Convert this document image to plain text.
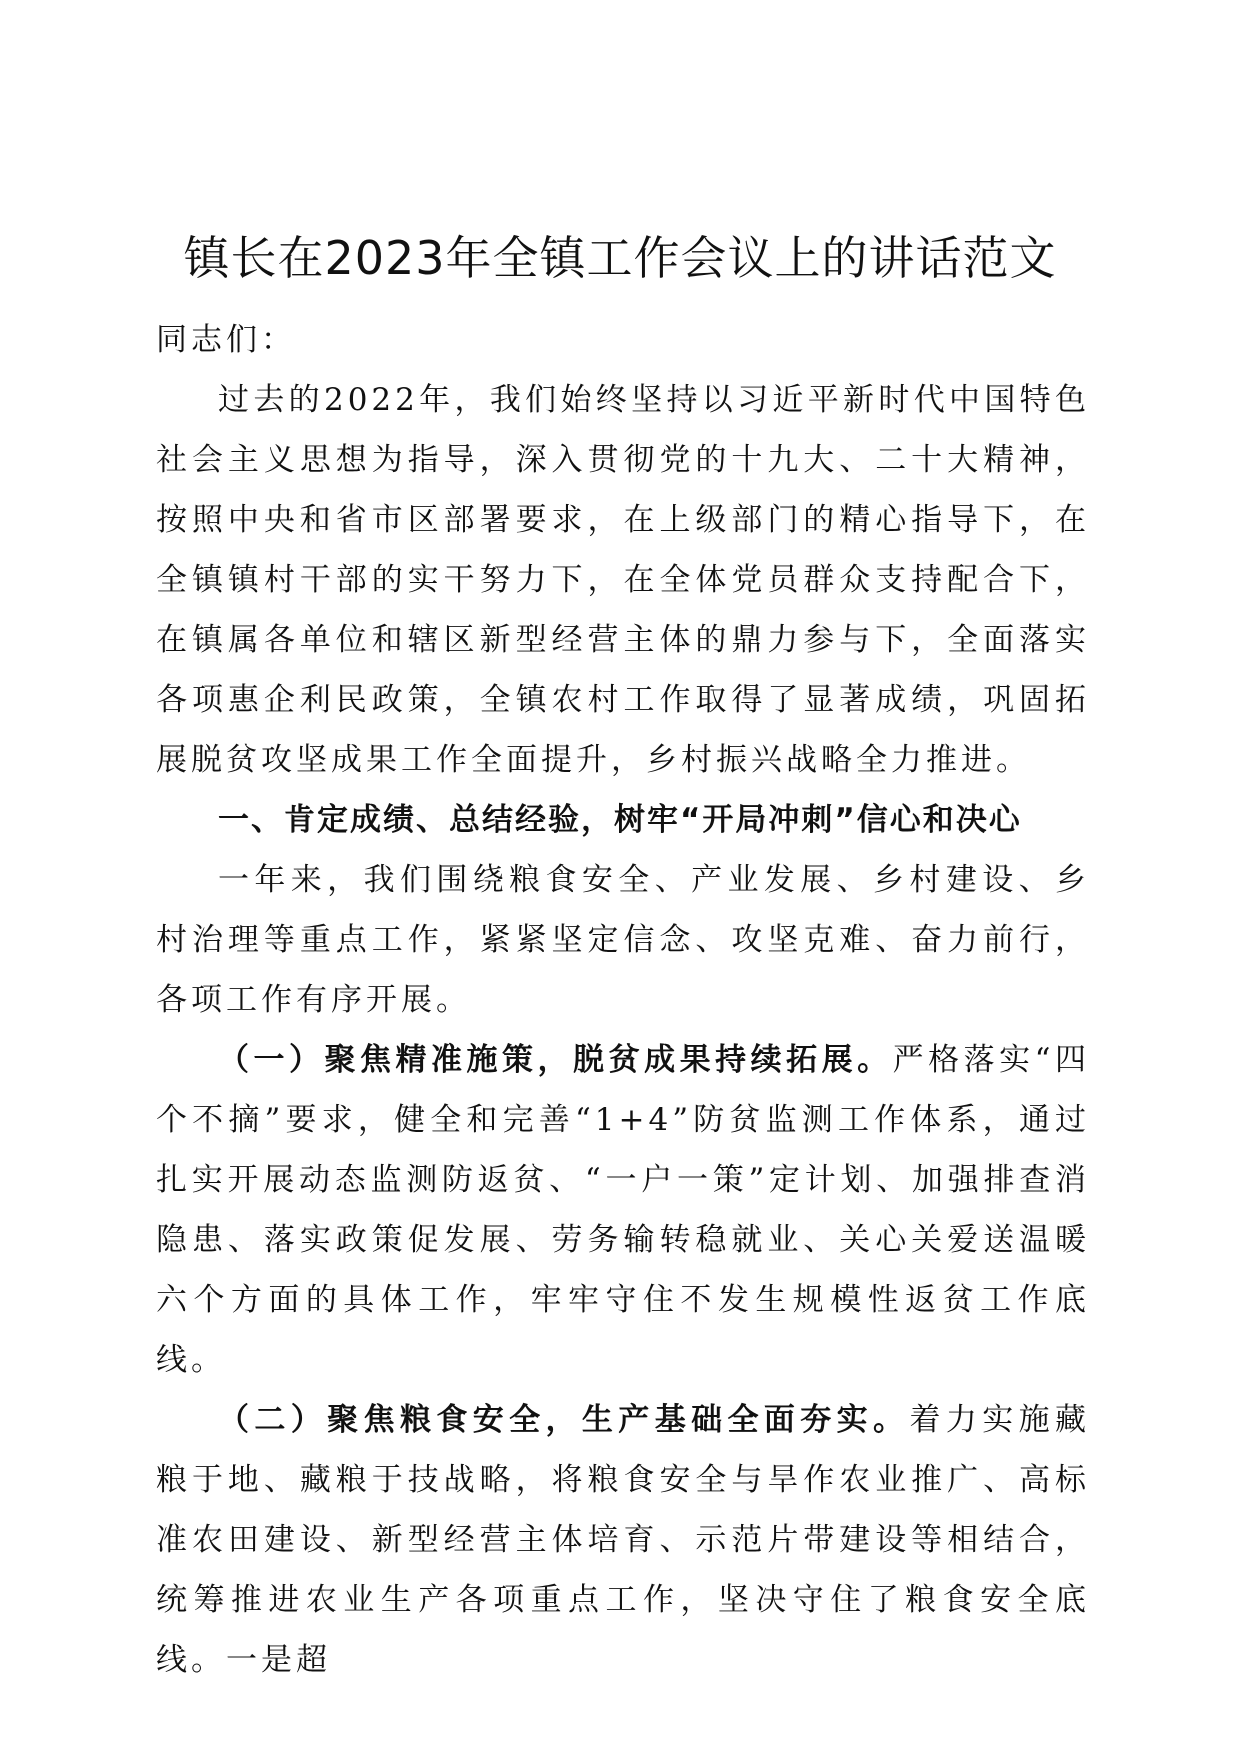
镇长在2023年全镇工作会议上的讲话范文

同志们：

过去的2022年，我们始终坚持以习近平新时代中国特色社会主义思想为指导，深入贯彻党的十九大、二十大精神，按照中央和省市区部署要求，在上级部门的精心指导下，在全镇镇村干部的实干努力下，在全体党员群众支持配合下，在镇属各单位和辖区新型经营主体的鼎力参与下，全面落实各项惠企利民政策，全镇农村工作取得了显著成绩，巩固拓展脱贫攻坚成果工作全面提升，乡村振兴战略全力推进。

一、肯定成绩、总结经验，树牢“开局冲刺”信心和决心

一年来，我们围绕粮食安全、产业发展、乡村建设、乡村治理等重点工作，紧紧坚定信念、攻坚克难、奋力前行，各项工作有序开展。

（一）聚焦精准施策，脱贫成果持续拓展。严格落实“四个不摘”要求，健全和完善“1+4”防贫监测工作体系，通过扎实开展动态监测防返贫、“一户一策”定计划、加强排查消隐患、落实政策促发展、劳务输转稳就业、关心关爱送温暖六个方面的具体工作，牢牢守住不发生规模性返贫工作底线。

（二）聚焦粮食安全，生产基础全面夯实。着力实施藏粮于地、藏粮于技战略，将粮食安全与旱作农业推广、高标准农田建设、新型经营主体培育、示范片带建设等相结合，统筹推进农业生产各项重点工作，坚决守住了粮食安全底线。一是超
